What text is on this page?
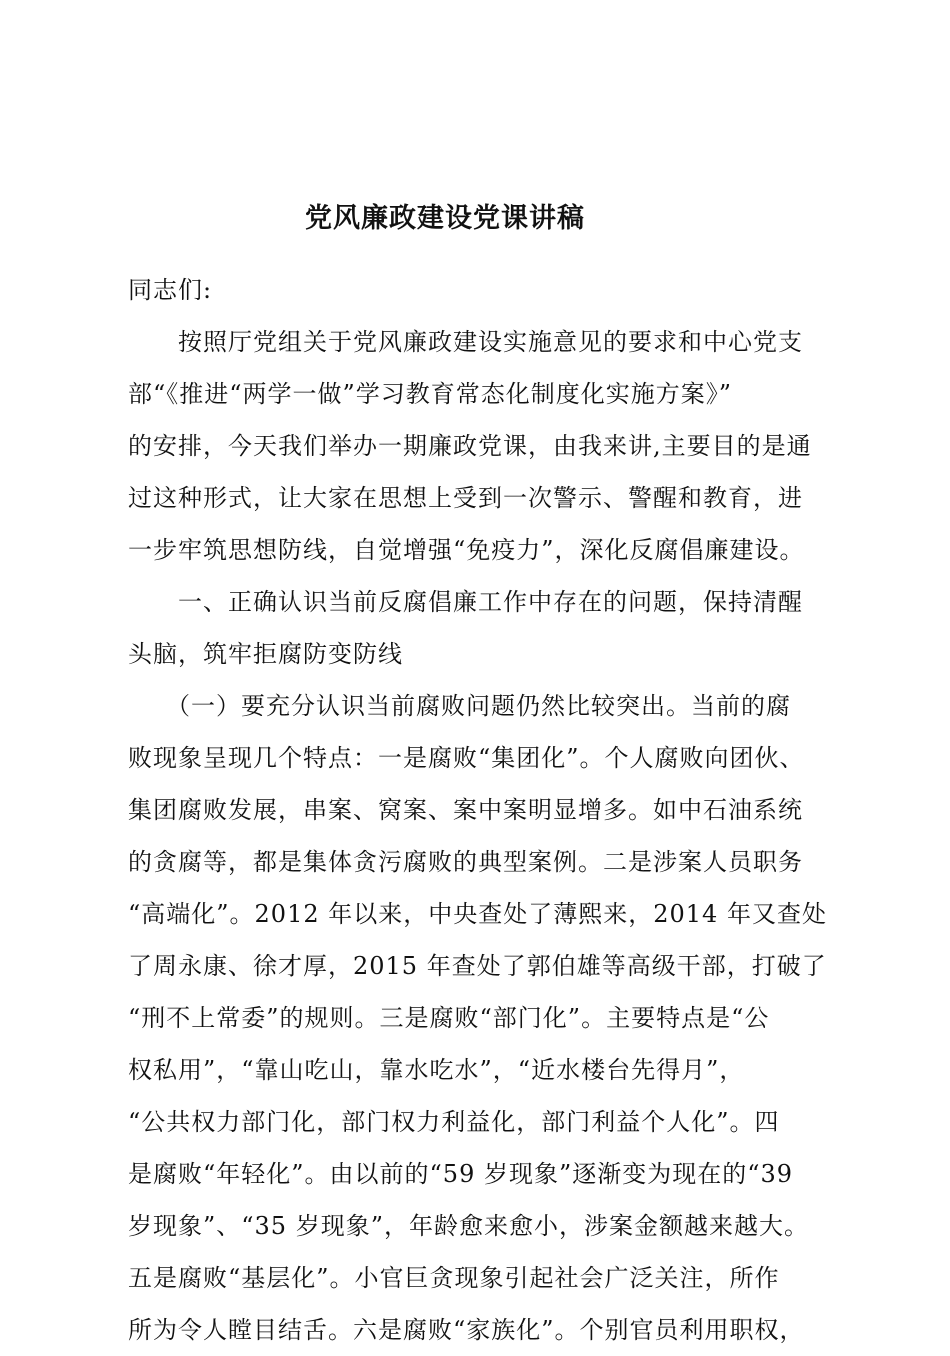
党风廉政建设党课讲稿
同志们:
　　按照厅党组关于党风廉政建设实施意见的要求和中心党支
部“《推进“两学一做”学习教育常态化制度化实施方案》”
的安排，今天我们举办一期廉政党课，由我来讲,主要目的是通
过这种形式，让大家在思想上受到一次警示、警醒和教育，进
一步牢筑思想防线，自觉增强“免疫力”，深化反腐倡廉建设。
　　一、正确认识当前反腐倡廉工作中存在的问题，保持清醒
头脑，筑牢拒腐防变防线
　　（一）要充分认识当前腐败问题仍然比较突出。当前的腐
败现象呈现几个特点：一是腐败“集团化”。个人腐败向团伙、
集团腐败发展，串案、窝案、案中案明显增多。如中石油系统
的贪腐等，都是集体贪污腐败的典型案例。二是涉案人员职务
“高端化”。2012 年以来，中央查处了薄熙来，2014 年又查处
了周永康、徐才厚，2015 年查处了郭伯雄等高级干部，打破了
“刑不上常委”的规则。三是腐败“部门化”。主要特点是“公
权私用”，“靠山吃山，靠水吃水”，“近水楼台先得月”，
“公共权力部门化，部门权力利益化，部门利益个人化”。四
是腐败“年轻化”。由以前的“59 岁现象”逐渐变为现在的“39
岁现象”、“35 岁现象”，年龄愈来愈小，涉案金额越来越大。
五是腐败“基层化”。小官巨贪现象引起社会广泛关注，所作
所为令人瞠目结舌。六是腐败“家族化”。个别官员利用职权，
